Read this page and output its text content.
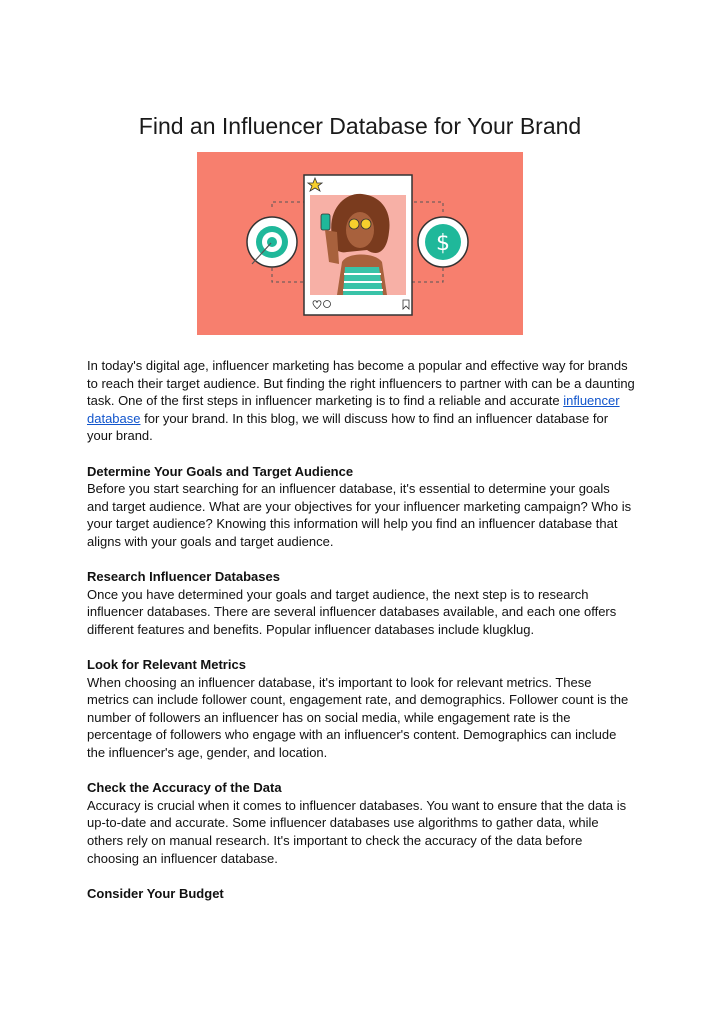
Find an Influencer Database for Your Brand
$

In today's digital age, influencer marketing has become a popular and effective way for brands to reach their target audience. But finding the right influencers to partner with can be a daunting task. One of the first steps in influencer marketing is to find a reliable and accurate influencer database for your brand. In this blog, we will discuss how to find an influencer database for your brand.

Determine Your Goals and Target Audience

Before you start searching for an influencer database, it's essential to determine your goals and target audience. What are your objectives for your influencer marketing campaign? Who is your target audience? Knowing this information will help you find an influencer database that aligns with your goals and target audience.

Research Influencer Databases

Once you have determined your goals and target audience, the next step is to research influencer databases. There are several influencer databases available, and each one offers different features and benefits. Popular influencer databases include klugklug.

Look for Relevant Metrics

When choosing an influencer database, it's important to look for relevant metrics. These metrics can include follower count, engagement rate, and demographics. Follower count is the number of followers an influencer has on social media, while engagement rate is the percentage of followers who engage with an influencer's content. Demographics can include the influencer's age, gender, and location.

Check the Accuracy of the Data

Accuracy is crucial when it comes to influencer databases. You want to ensure that the data is up-to-date and accurate. Some influencer databases use algorithms to gather data, while others rely on manual research. It's important to check the accuracy of the data before choosing an influencer database.

Consider Your Budget
